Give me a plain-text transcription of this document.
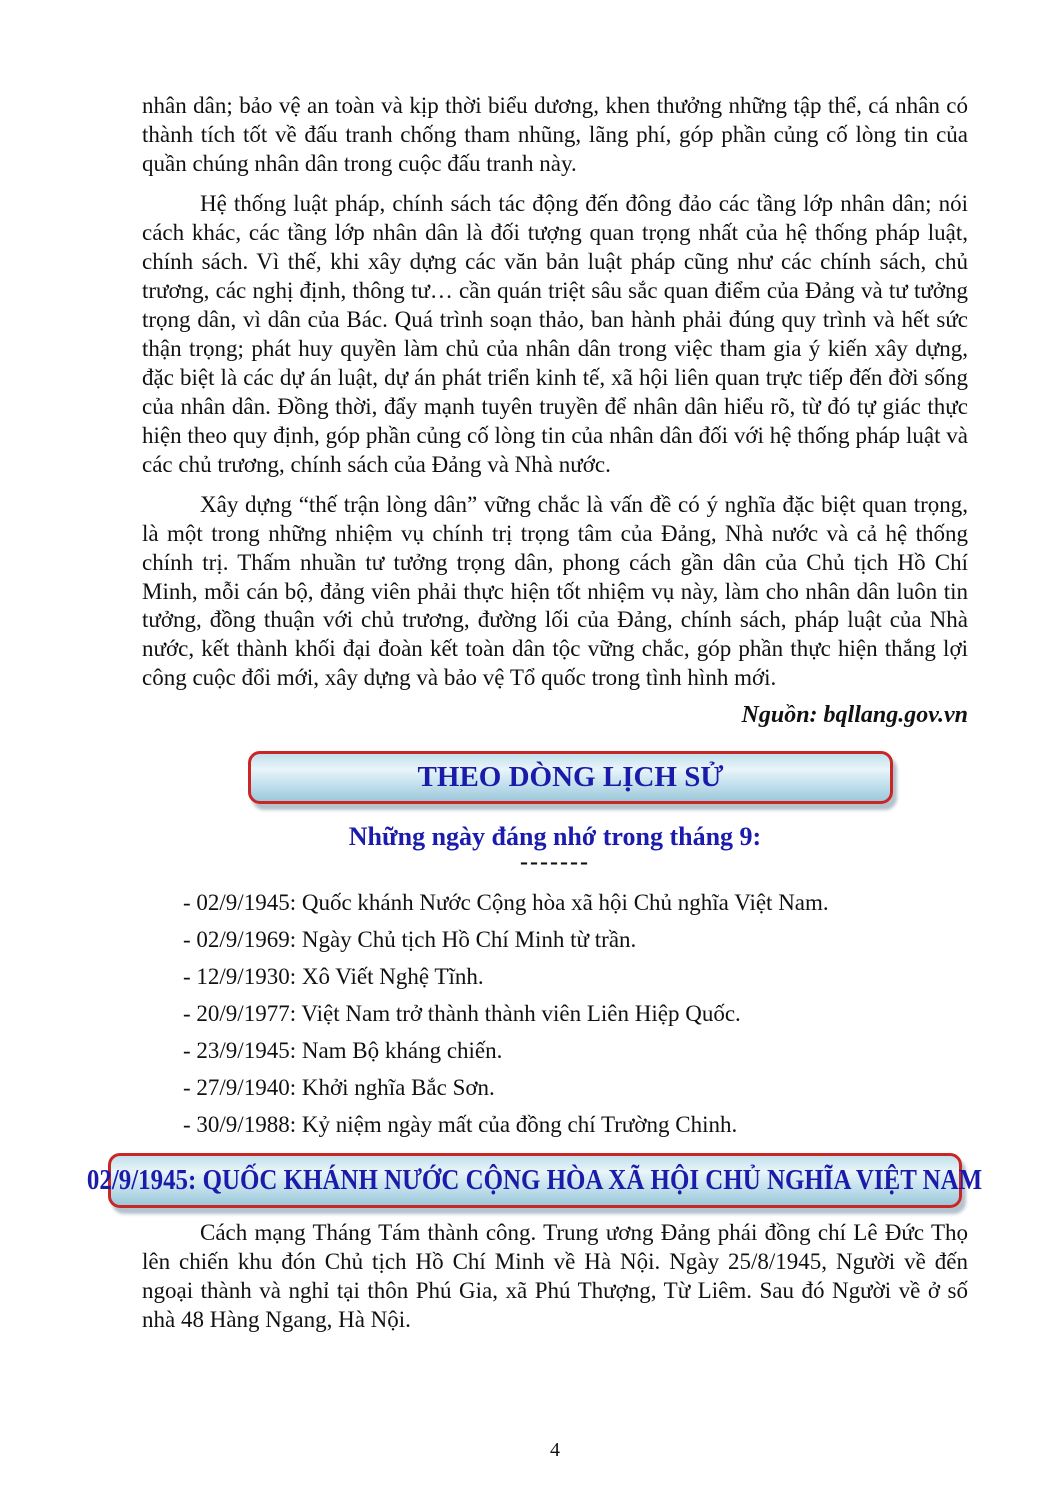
nhân dân; bảo vệ an toàn và kịp thời biểu dương, khen thưởng những tập thể, cá nhân có thành tích tốt về đấu tranh chống tham nhũng, lãng phí, góp phần củng cố lòng tin của quần chúng nhân dân trong cuộc đấu tranh này.

Hệ thống luật pháp, chính sách tác động đến đông đảo các tầng lớp nhân dân; nói cách khác, các tầng lớp nhân dân là đối tượng quan trọng nhất của hệ thống pháp luật, chính sách. Vì thế, khi xây dựng các văn bản luật pháp cũng như các chính sách, chủ trương, các nghị định, thông tư… cần quán triệt sâu sắc quan điểm của Đảng và tư tưởng trọng dân, vì dân của Bác. Quá trình soạn thảo, ban hành phải đúng quy trình và hết sức thận trọng; phát huy quyền làm chủ của nhân dân trong việc tham gia ý kiến xây dựng, đặc biệt là các dự án luật, dự án phát triển kinh tế, xã hội liên quan trực tiếp đến đời sống của nhân dân. Đồng thời, đẩy mạnh tuyên truyền để nhân dân hiểu rõ, từ đó tự giác thực hiện theo quy định, góp phần củng cố lòng tin của nhân dân đối với hệ thống pháp luật và các chủ trương, chính sách của Đảng và Nhà nước.

Xây dựng “thế trận lòng dân” vững chắc là vấn đề có ý nghĩa đặc biệt quan trọng, là một trong những nhiệm vụ chính trị trọng tâm của Đảng, Nhà nước và cả hệ thống chính trị. Thấm nhuần tư tưởng trọng dân, phong cách gần dân của Chủ tịch Hồ Chí Minh, mỗi cán bộ, đảng viên phải thực hiện tốt nhiệm vụ này, làm cho nhân dân luôn tin tưởng, đồng thuận với chủ trương, đường lối của Đảng, chính sách, pháp luật của Nhà nước, kết thành khối đại đoàn kết toàn dân tộc vững chắc, góp phần thực hiện thắng lợi công cuộc đổi mới, xây dựng và bảo vệ Tổ quốc trong tình hình mới.

Nguồn: bqllang.gov.vn
THEO DÒNG LỊCH SỬ
Những ngày đáng nhớ trong tháng 9:
-------
- 02/9/1945: Quốc khánh Nước Cộng hòa xã hội Chủ nghĩa Việt Nam.
- 02/9/1969: Ngày Chủ tịch Hồ Chí Minh từ trần.
- 12/9/1930: Xô Viết Nghệ Tĩnh.
- 20/9/1977: Việt Nam trở thành thành viên Liên Hiệp Quốc.
- 23/9/1945: Nam Bộ kháng chiến.
- 27/9/1940: Khởi nghĩa Bắc Sơn.
- 30/9/1988: Kỷ niệm ngày mất của đồng chí Trường Chinh.
02/9/1945: QUỐC KHÁNH NƯỚC CỘNG HÒA XÃ HỘI CHỦ NGHĨA VIỆT NAM

Cách mạng Tháng Tám thành công. Trung ương Đảng phái đồng chí Lê Đức Thọ lên chiến khu đón Chủ tịch Hồ Chí Minh về Hà Nội. Ngày 25/8/1945, Người về đến ngoại thành và nghỉ tại thôn Phú Gia, xã Phú Thượng, Từ Liêm. Sau đó Người về ở số nhà 48 Hàng Ngang, Hà Nội.

4
